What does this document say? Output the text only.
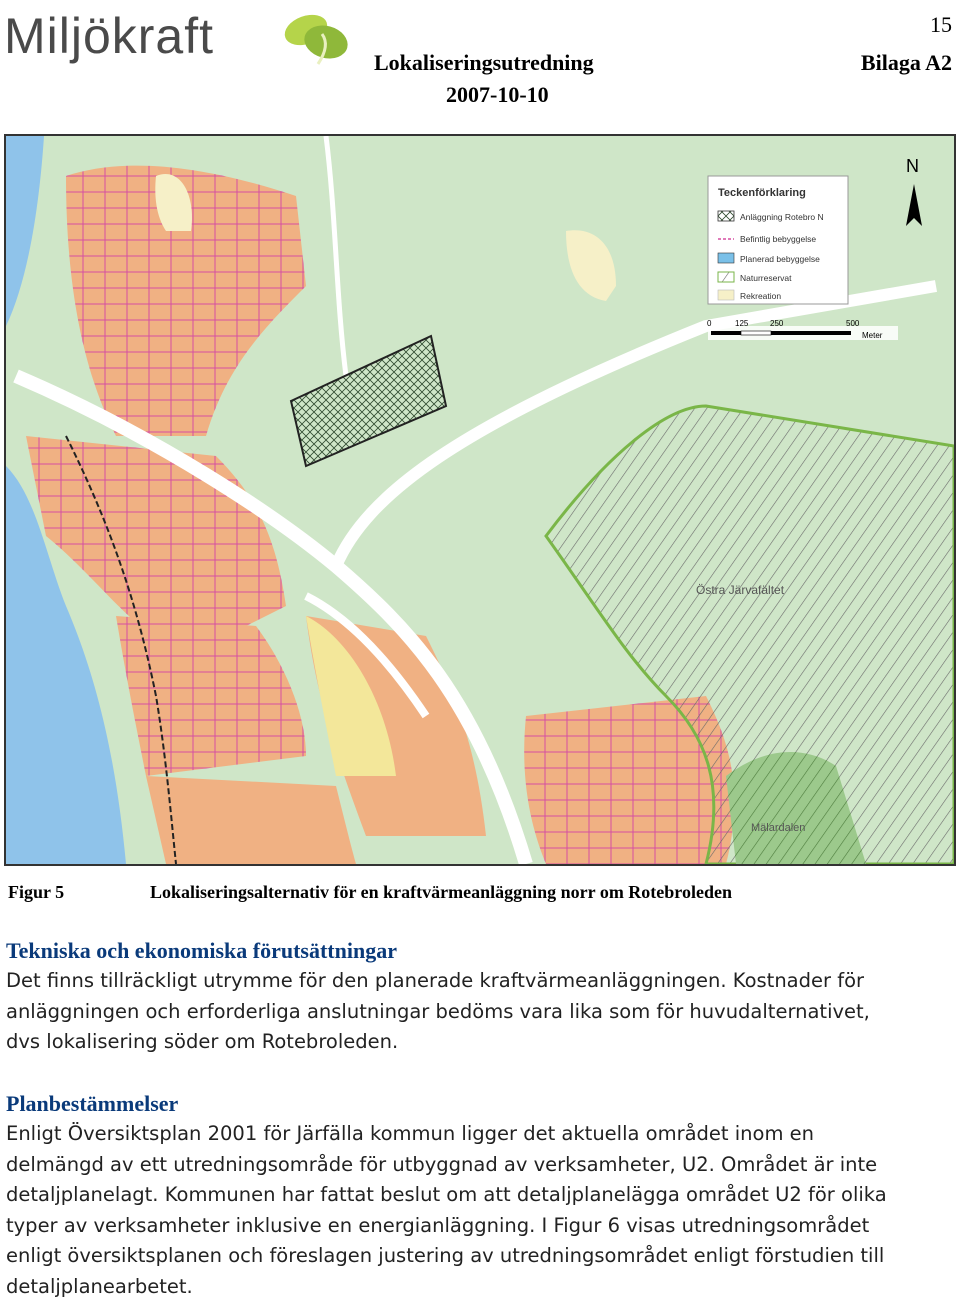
Miljökraft	15
Lokaliseringsutredning	Bilaga A2
2007-10-10
Östra Järvafältet
Mälardalen
Teckenförklaring
Anläggning Rotebro N
Befintlig bebyggelse
Planerad bebyggelse
Naturreservat
Rekreation
0	125	250	500
Meter
N
Figur 5	Lokaliseringsalternativ för en kraftvärmeanläggning norr om Rotebroleden
Tekniska och ekonomiska förutsättningar

Det finns tillräckligt utrymme för den planerade kraftvärmeanläggningen. Kostnader för

anläggningen och erforderliga anslutningar bedöms vara lika som för huvudalternativet,

dvs lokalisering söder om Rotebroleden.

Planbestämmelser

Enligt Översiktsplan 2001 för Järfälla kommun ligger det aktuella området inom en

delmängd av ett utredningsområde för utbyggnad av verksamheter, U2. Området är inte

detaljplanelagt. Kommunen har fattat beslut om att detaljplanelägga området U2 för olika

typer av verksamheter inklusive en energianläggning. I Figur 6 visas utredningsområdet

enligt översiktsplanen och föreslagen justering av utredningsområdet enligt förstudien till

detaljplanearbetet.
